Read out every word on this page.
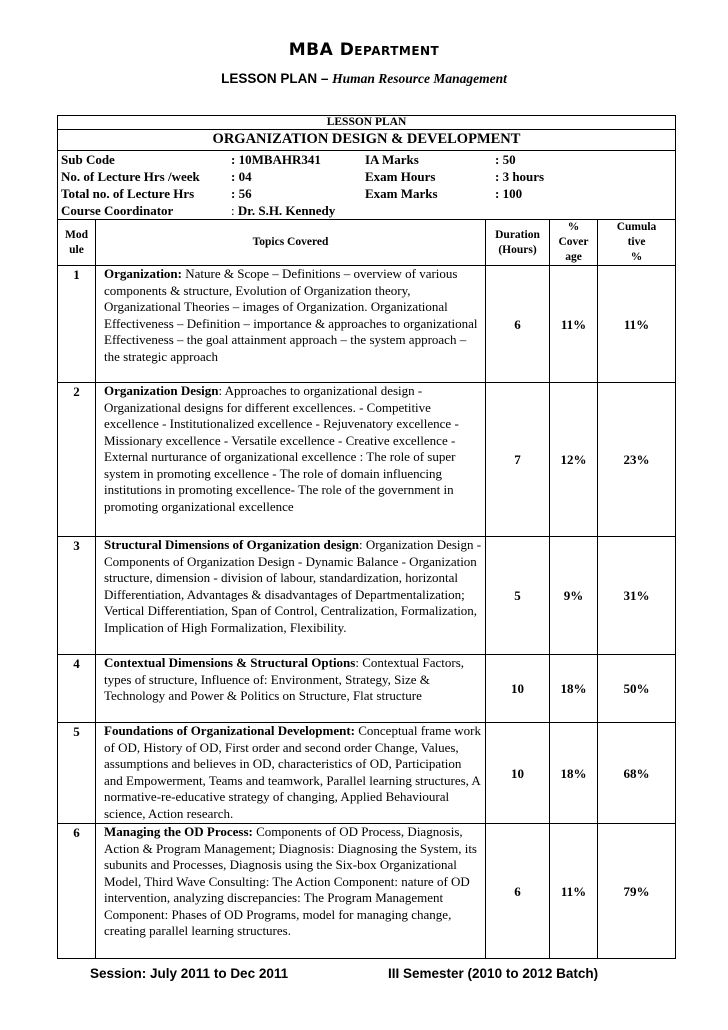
MBA Department
LESSON PLAN – Human Resource Management
LESSON PLAN
ORGANIZATION DESIGN & DEVELOPMENT

Sub Code	: 10MBAHR341	IA Marks	: 50
No. of Lecture Hrs /week	: 04	Exam Hours	: 3 hours
Total no. of Lecture Hrs	: 56	Exam Marks	: 100
Course Coordinator	: Dr. S.H. Kennedy

Mod
ule
	Topics Covered	
Duration
(Hours)

%
Cover
age

Cumula
tive
%

1	Organization: Nature & Scope – Definitions – overview of various components & structure, Evolution of Organization theory, Organizational Theories – images of Organization. Organizational Effectiveness – Definition – importance & approaches to organizational Effectiveness – the goal attainment approach – the system approach – the strategic approach	6	11%	11%
2	Organization Design: Approaches to organizational design - Organizational designs for different excellences. - Competitive excellence - Institutionalized excellence - Rejuvenatory excellence - Missionary excellence - Versatile excellence - Creative excellence - External nurturance of organizational excellence : The role of super system in promoting excellence - The role of domain influencing institutions in promoting excellence- The role of the government in promoting organizational excellence	7	12%	23%
3	Structural Dimensions of Organization design: Organization Design - Components of Organization Design - Dynamic Balance - Organization structure, dimension - division of labour, standardization, horizontal Differentiation, Advantages & disadvantages of Departmentalization; Vertical Differentiation, Span of Control, Centralization, Formalization, Implication of High Formalization, Flexibility.	5	9%	31%
4	Contextual Dimensions & Structural Options: Contextual Factors, types of structure, Influence of: Environment, Strategy, Size & Technology and Power & Politics on Structure, Flat structure	10	18%	50%
5	Foundations of Organizational Development: Conceptual frame work of OD, History of OD, First order and second order Change, Values, assumptions and believes in OD, characteristics of OD, Participation and Empowerment, Teams and teamwork, Parallel learning structures, A normative-re-educative strategy of changing, Applied Behavioural science, Action research.	10	18%	68%
6	Managing the OD Process: Components of OD Process, Diagnosis, Action & Program Management; Diagnosis: Diagnosing the System, its subunits and Processes, Diagnosis using the Six-box Organizational Model, Third Wave Consulting: The Action Component: nature of OD intervention, analyzing discrepancies: The Program Management Component: Phases of OD Programs, model for managing change, creating parallel learning structures.	6	11%	79%
Session: July 2011 to Dec 2011	III Semester (2010 to 2012 Batch)
